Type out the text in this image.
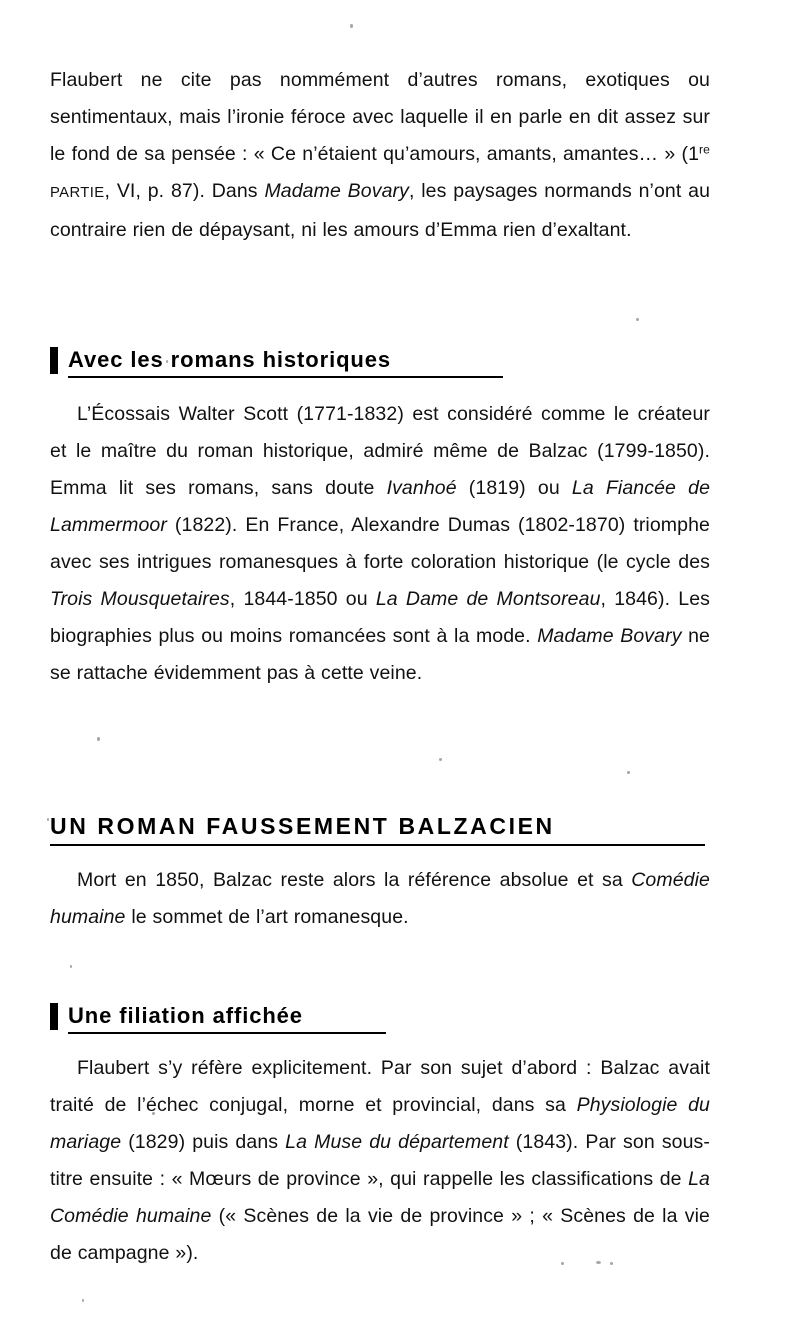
Flaubert ne cite pas nommément d’autres romans, exotiques ou sentimentaux, mais l’ironie féroce avec laquelle il en parle en dit assez sur le fond de sa pensée : « Ce n’étaient qu’amours, amants, amantes… » (1re PARTIE, VI, p. 87). Dans Madame Bovary, les paysages normands n’ont au contraire rien de dépaysant, ni les amours d’Emma rien d’exaltant.

Avec les romans historiques

L’Écossais Walter Scott (1771-1832) est considéré comme le créateur et le maître du roman historique, admiré même de Balzac (1799-1850). Emma lit ses romans, sans doute Ivanhoé (1819) ou La Fiancée de Lammermoor (1822). En France, Alexandre Dumas (1802-1870) triomphe avec ses intrigues romanesques à forte coloration historique (le cycle des Trois Mousquetaires, 1844-1850 ou La Dame de Montsoreau, 1846). Les biographies plus ou moins romancées sont à la mode. Madame Bovary ne se rattache évidemment pas à cette veine.

UN ROMAN FAUSSEMENT BALZACIEN

Mort en 1850, Balzac reste alors la référence absolue et sa Comédie humaine le sommet de l’art romanesque.

Une filiation affichée

Flaubert s’y réfère explicitement. Par son sujet d’abord : Balzac avait traité de l’échec conjugal, morne et provincial, dans sa Physiologie du mariage (1829) puis dans La Muse du département (1843). Par son sous-titre ensuite : « Mœurs de province », qui rappelle les classifications de La Comédie humaine (« Scènes de la vie de province » ; « Scènes de la vie de campagne »).
